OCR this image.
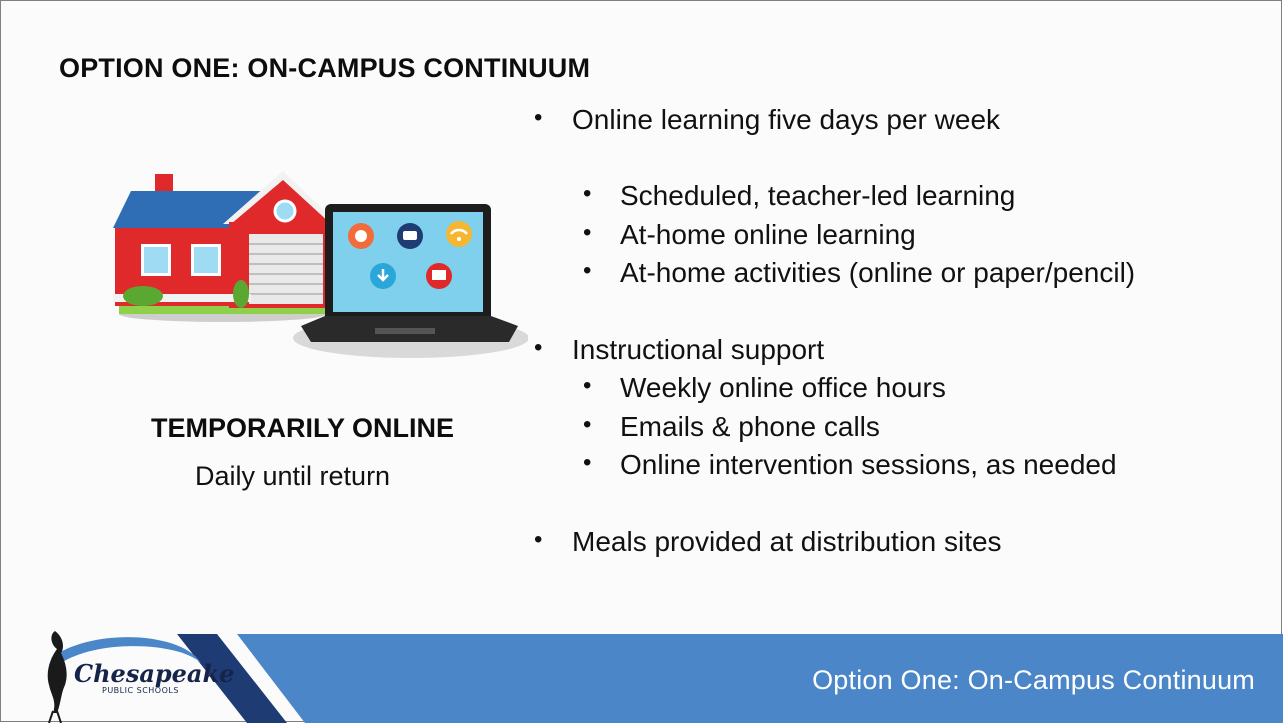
OPTION ONE: ON-CAMPUS CONTINUUM
TEMPORARILY ONLINE
Daily until return
• Online learning five days per week
• Scheduled, teacher-led learning
• At-home online learning
• At-home activities (online or paper/pencil)
• Instructional support
• Weekly online office hours
• Emails & phone calls
• Online intervention sessions, as needed
• Meals provided at distribution sites
Option One: On-Campus Continuum
Chesapeake
PUBLIC SCHOOLS
